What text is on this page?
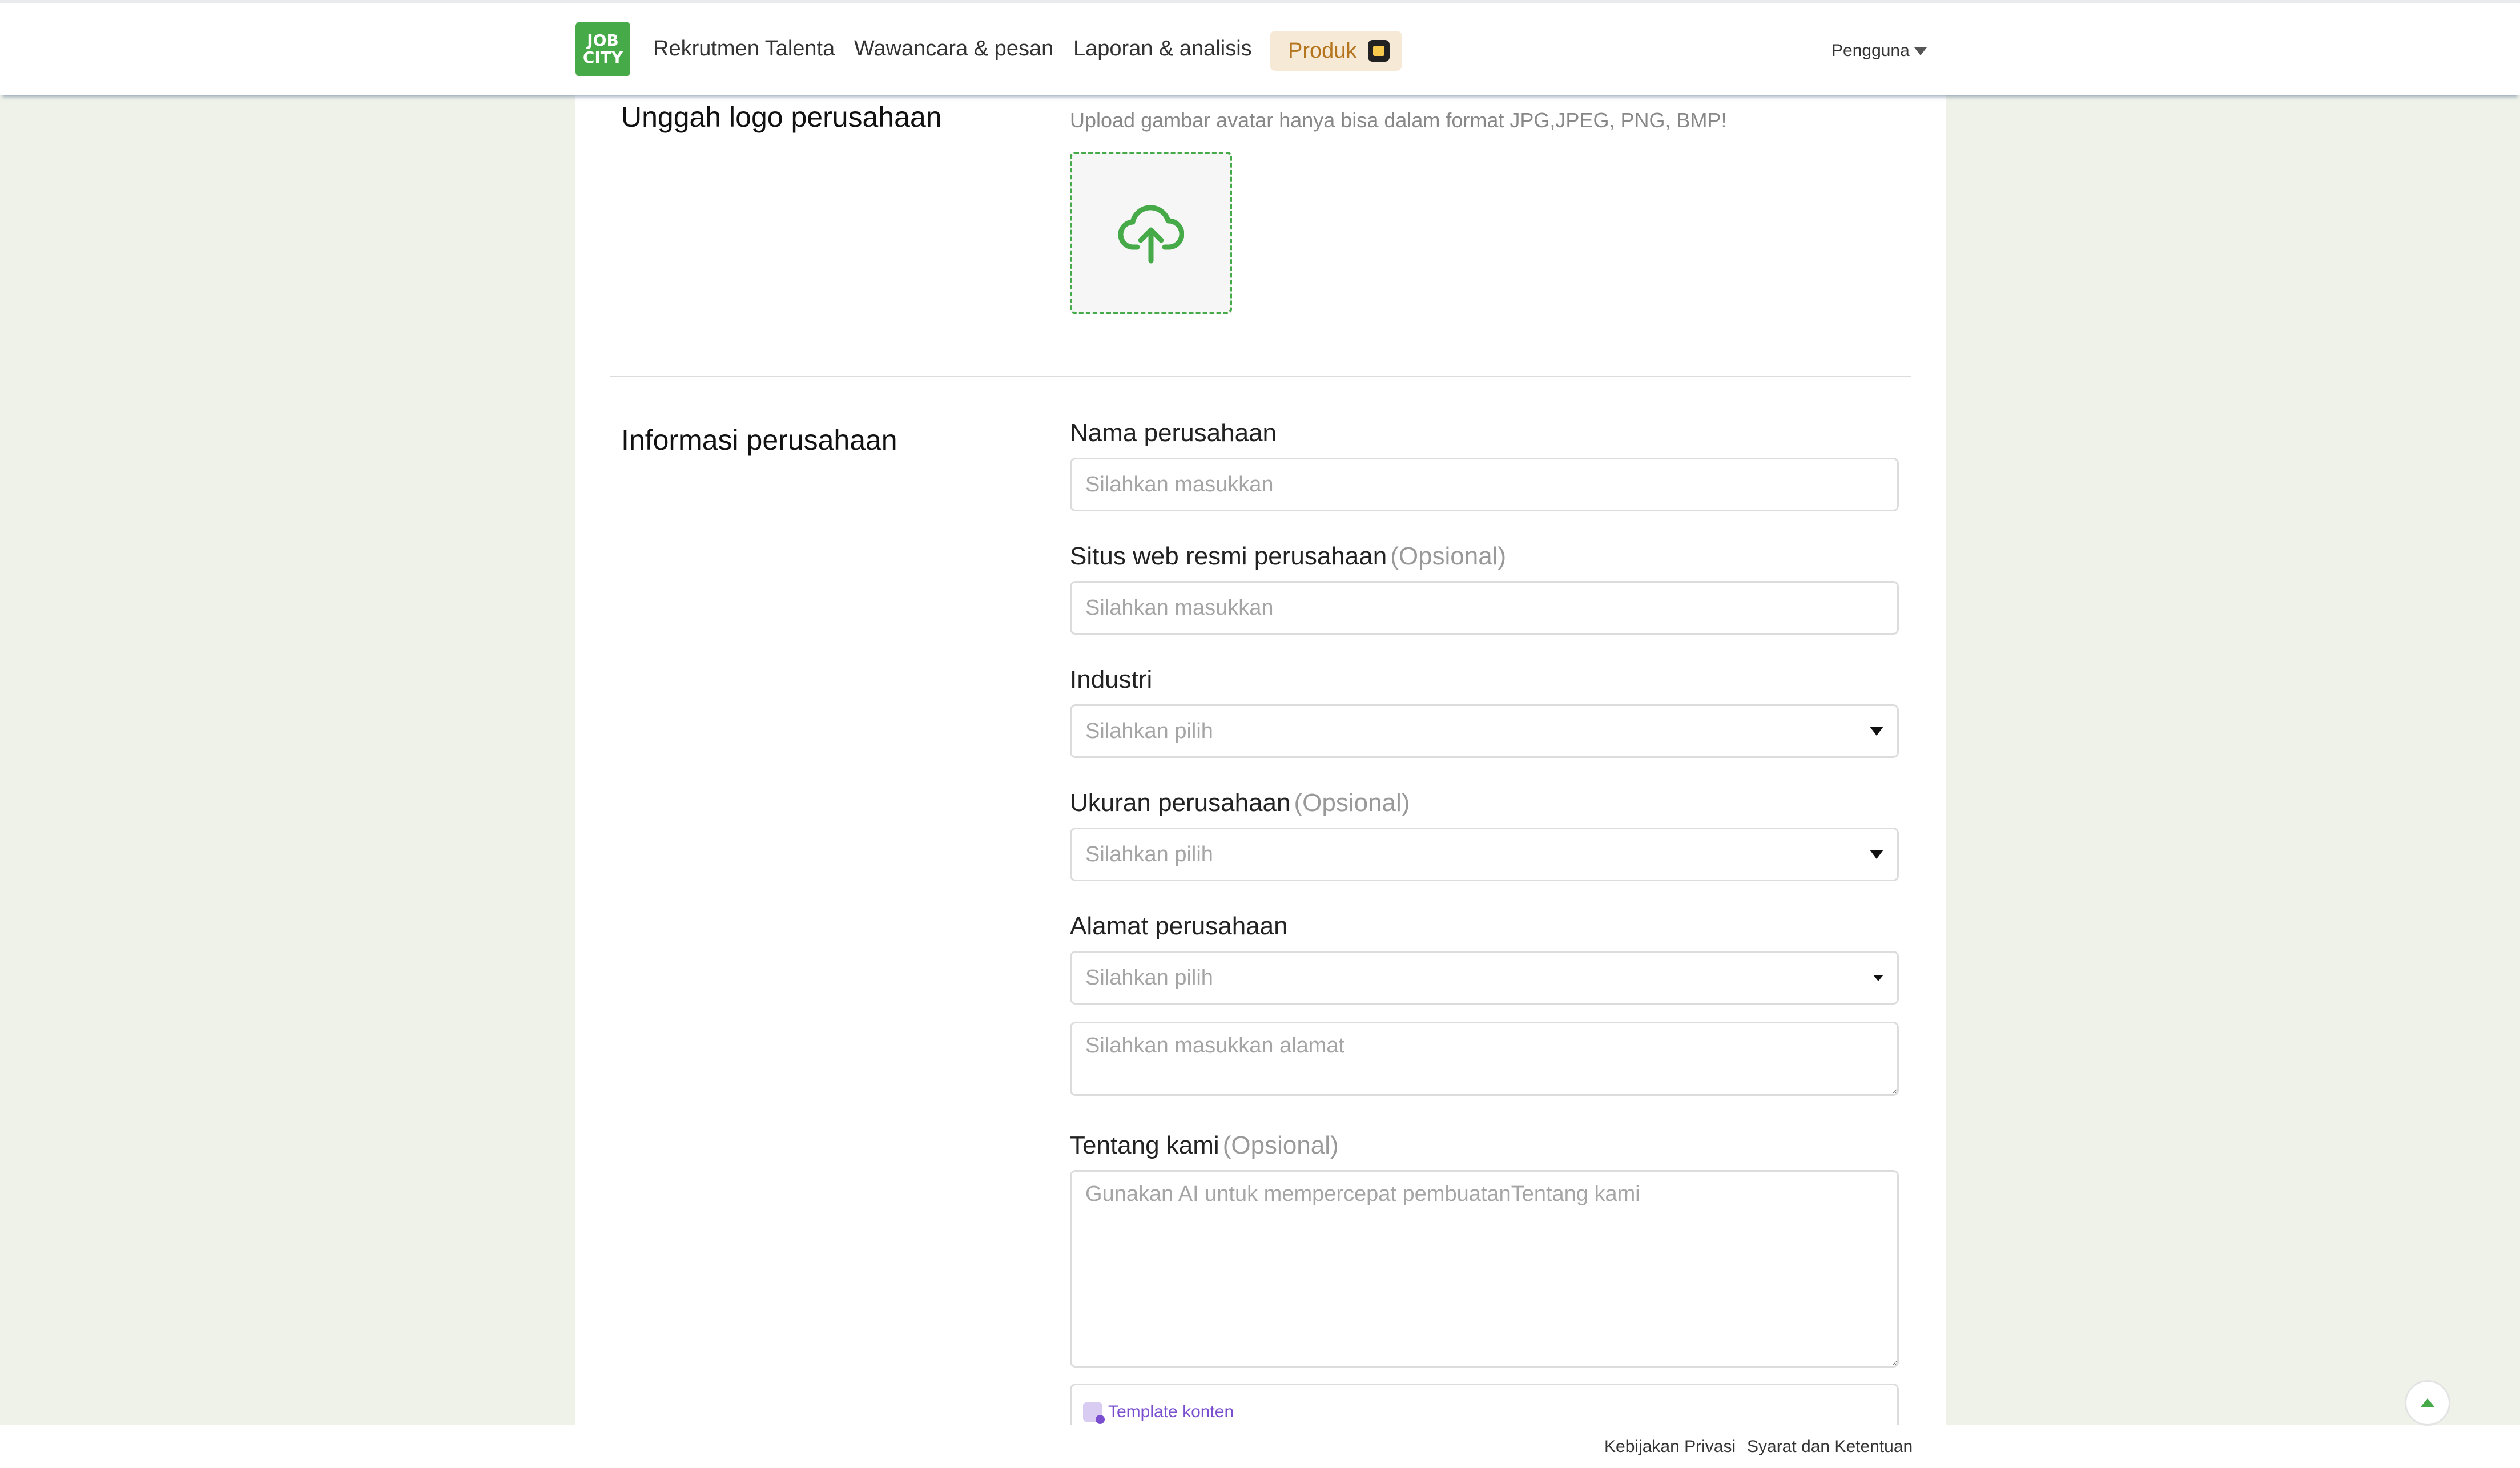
JOB
CITY	Rekrutmen Talenta Wawancara & pesan Laporan & analisis Produk	Pengguna
Unggah logo perusahaan	Upload gambar avatar hanya bisa dalam format JPG,JPEG, PNG, BMP!
Informasi perusahaan	Nama perusahaan
Silahkan masukkan
Situs web resmi perusahaan (Opsional)
Silahkan masukkan
Industri
Silahkan pilih
Ukuran perusahaan (Opsional)
Silahkan pilih
Alamat perusahaan
Silahkan pilih
Silahkan masukkan alamat
Tentang kami (Opsional)
Gunakan AI untuk mempercepat pembuatanTentang kami
Template konten
Kebijakan Privasi Syarat dan Ketentuan
